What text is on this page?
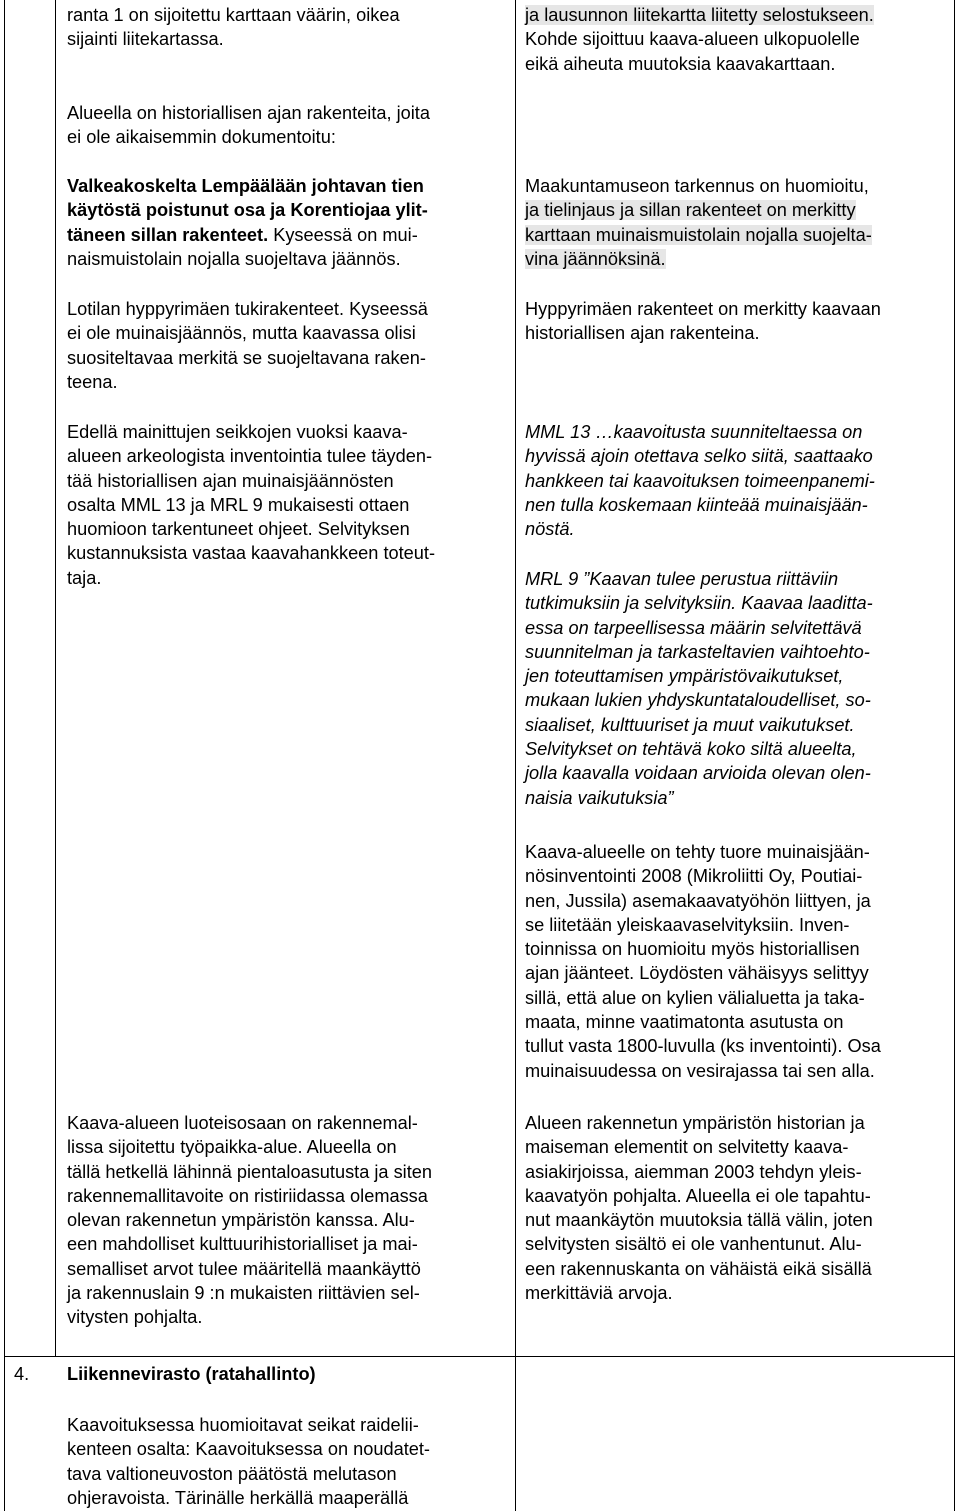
ranta 1 on sijoitettu karttaan väärin, oikea
sijainti liitekartassa.
Alueella on historiallisen ajan rakenteita, joita
ei ole aikaisemmin dokumentoitu:
Valkeakoskelta Lempäälään johtavan tien
käytöstä poistunut osa ja Korentiojaa ylit-
täneen sillan rakenteet. Kyseessä on mui-
naismuistolain nojalla suojeltava jäännös.
Lotilan hyppyrimäen tukirakenteet. Kyseessä
ei ole muinaisjäännös, mutta kaavassa olisi
suositeltavaa merkitä se suojeltavana raken-
teena.
Edellä mainittujen seikkojen vuoksi kaava-
alueen arkeologista inventointia tulee täyden-
tää historiallisen ajan muinaisjäännösten
osalta MML 13 ja MRL 9 mukaisesti ottaen
huomioon tarkentuneet ohjeet. Selvityksen
kustannuksista vastaa kaavahankkeen toteut-
taja.
Kaava-alueen luoteisosaan on rakennemal-
lissa sijoitettu työpaikka-alue. Alueella on
tällä hetkellä lähinnä pientaloasutusta ja siten
rakennemallitavoite on ristiriidassa olemassa
olevan rakennetun ympäristön kanssa. Alu-
een mahdolliset kulttuurihistorialliset ja mai-
semalliset arvot tulee määritellä maankäyttö
ja rakennuslain 9 :n mukaisten riittävien sel-
vitysten pohjalta.
4. Liikennevirasto (ratahallinto)
Kaavoituksessa huomioitavat seikat raidelii-
kenteen osalta: Kaavoituksessa on noudatet-
tava valtioneuvoston päätöstä melutason
ohjeravoista. Tärinälle herkällä maaperällä
ja lausunnon liitekartta liitetty selostukseen.
Kohde sijoittuu kaava-alueen ulkopuolelle
eikä aiheuta muutoksia kaavakarttaan.
Maakuntamuseon tarkennus on huomioitu,
ja tielinjaus ja sillan rakenteet on merkitty
karttaan muinaismuistolain nojalla suojelta-
vina jäännöksinä.
Hyppyrimäen rakenteet on merkitty kaavaan
historiallisen ajan rakenteina.
MML 13 …kaavoitusta suunniteltaessa on
hyvissä ajoin otettava selko siitä, saattaako
hankkeen tai kaavoituksen toimeenpanemi-
nen tulla koskemaan kiinteää muinaisjään-
nöstä.
MRL 9 ”Kaavan tulee perustua riittäviin
tutkimuksiin ja selvityksiin. Kaavaa laaditta-
essa on tarpeellisessa määrin selvitettävä
suunnitelman ja tarkasteltavien vaihtoehto-
jen toteuttamisen ympäristövaikutukset,
mukaan lukien yhdyskuntataloudelliset, so-
siaaliset, kulttuuriset ja muut vaikutukset.
Selvitykset on tehtävä koko siltä alueelta,
jolla kaavalla voidaan arvioida olevan olen-
naisia vaikutuksia”
Kaava-alueelle on tehty tuore muinaisjään-
nösinventointi 2008 (Mikroliitti Oy, Poutiai-
nen, Jussila) asemakaavatyöhön liittyen, ja
se liitetään yleiskaavaselvityksiin. Inven-
toinnissa on huomioitu myös historiallisen
ajan jäänteet. Löydösten vähäisyys selittyy
sillä, että alue on kylien välialuetta ja taka-
maata, minne vaatimatonta asutusta on
tullut vasta 1800-luvulla (ks inventointi). Osa
muinaisuudessa on vesirajassa tai sen alla.
Alueen rakennetun ympäristön historian ja
maiseman elementit on selvitetty kaava-
asiakirjoissa, aiemman 2003 tehdyn yleis-
kaavatyön pohjalta. Alueella ei ole tapahtu-
nut maankäytön muutoksia tällä välin, joten
selvitysten sisältö ei ole vanhentunut. Alu-
een rakennuskanta on vähäistä eikä sisällä
merkittäviä arvoja.
